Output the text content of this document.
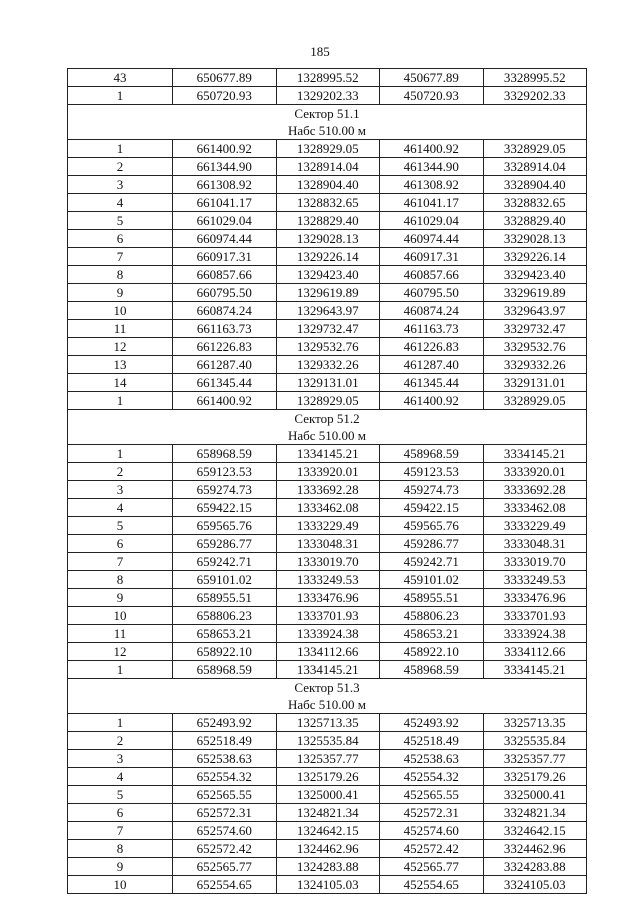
185
43	650677.89	1328995.52	450677.89	3328995.52
1	650720.93	1329202.33	450720.93	3329202.33
Сектор 51.1				
Набс 510.00 м				
1	661400.92	1328929.05	461400.92	3328929.05
2	661344.90	1328914.04	461344.90	3328914.04
3	661308.92	1328904.40	461308.92	3328904.40
4	661041.17	1328832.65	461041.17	3328832.65
5	661029.04	1328829.40	461029.04	3328829.40
6	660974.44	1329028.13	460974.44	3329028.13
7	660917.31	1329226.14	460917.31	3329226.14
8	660857.66	1329423.40	460857.66	3329423.40
9	660795.50	1329619.89	460795.50	3329619.89
10	660874.24	1329643.97	460874.24	3329643.97
11	661163.73	1329732.47	461163.73	3329732.47
12	661226.83	1329532.76	461226.83	3329532.76
13	661287.40	1329332.26	461287.40	3329332.26
14	661345.44	1329131.01	461345.44	3329131.01
1	661400.92	1328929.05	461400.92	3328929.05
Сектор 51.2				
Набс 510.00 м				
1	658968.59	1334145.21	458968.59	3334145.21
2	659123.53	1333920.01	459123.53	3333920.01
3	659274.73	1333692.28	459274.73	3333692.28
4	659422.15	1333462.08	459422.15	3333462.08
5	659565.76	1333229.49	459565.76	3333229.49
6	659286.77	1333048.31	459286.77	3333048.31
7	659242.71	1333019.70	459242.71	3333019.70
8	659101.02	1333249.53	459101.02	3333249.53
9	658955.51	1333476.96	458955.51	3333476.96
10	658806.23	1333701.93	458806.23	3333701.93
11	658653.21	1333924.38	458653.21	3333924.38
12	658922.10	1334112.66	458922.10	3334112.66
1	658968.59	1334145.21	458968.59	3334145.21
Сектор 51.3				
Набс 510.00 м				
1	652493.92	1325713.35	452493.92	3325713.35
2	652518.49	1325535.84	452518.49	3325535.84
3	652538.63	1325357.77	452538.63	3325357.77
4	652554.32	1325179.26	452554.32	3325179.26
5	652565.55	1325000.41	452565.55	3325000.41
6	652572.31	1324821.34	452572.31	3324821.34
7	652574.60	1324642.15	452574.60	3324642.15
8	652572.42	1324462.96	452572.42	3324462.96
9	652565.77	1324283.88	452565.77	3324283.88
10	652554.65	1324105.03	452554.65	3324105.03
